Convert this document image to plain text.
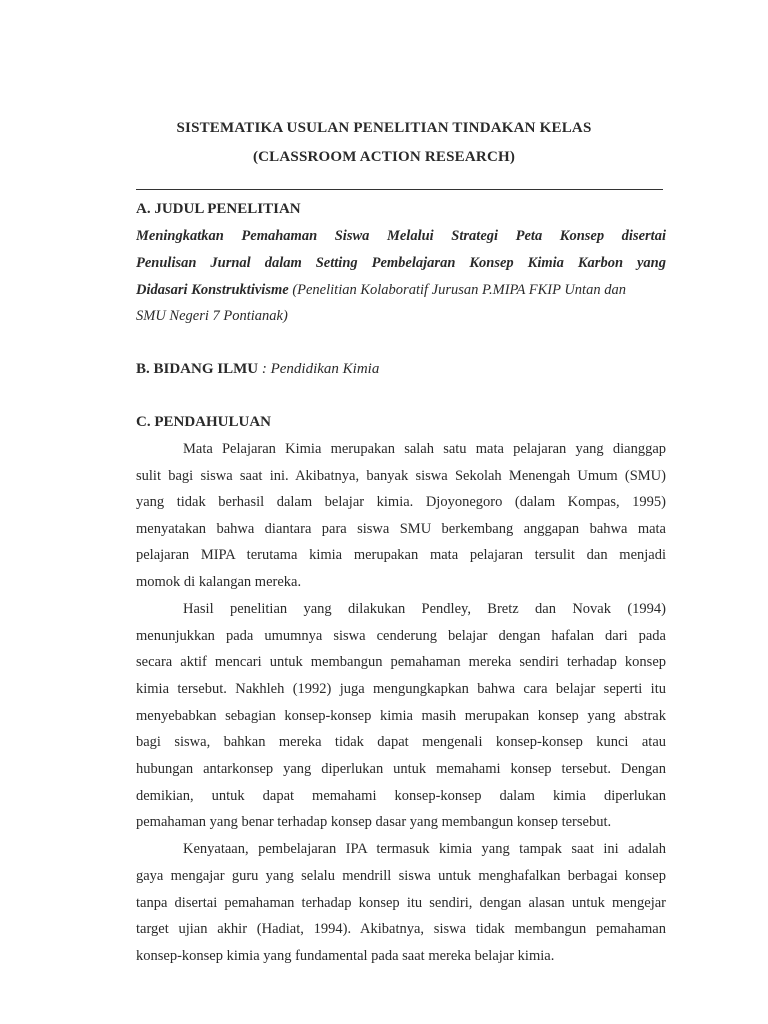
SISTEMATIKA USULAN PENELITIAN TINDAKAN KELAS
(CLASSROOM ACTION RESEARCH)
A. JUDUL PENELITIAN
Meningkatkan Pemahaman Siswa Melalui Strategi Peta Konsep disertai
Penulisan Jurnal dalam Setting Pembelajaran Konsep Kimia Karbon yang
Didasari Konstruktivisme (Penelitian Kolaboratif Jurusan P.MIPA FKIP Untan dan
SMU Negeri 7 Pontianak)
B. BIDANG ILMU : Pendidikan Kimia
C. PENDAHULUAN
Mata Pelajaran Kimia merupakan salah satu mata pelajaran yang dianggap
sulit bagi siswa saat ini. Akibatnya, banyak siswa Sekolah Menengah Umum (SMU)
yang tidak berhasil dalam belajar kimia. Djoyonegoro (dalam Kompas, 1995)
menyatakan bahwa diantara para siswa SMU berkembang anggapan bahwa mata
pelajaran MIPA terutama kimia merupakan mata pelajaran tersulit dan menjadi
momok di kalangan mereka.
Hasil penelitian yang dilakukan Pendley, Bretz dan Novak (1994)
menunjukkan pada umumnya siswa cenderung belajar dengan hafalan dari pada
secara aktif mencari untuk membangun pemahaman mereka sendiri terhadap konsep
kimia tersebut. Nakhleh (1992) juga mengungkapkan bahwa cara belajar seperti itu
menyebabkan sebagian konsep-konsep kimia masih merupakan konsep yang abstrak
bagi siswa, bahkan mereka tidak dapat mengenali konsep-konsep kunci atau
hubungan antarkonsep yang diperlukan untuk memahami konsep tersebut. Dengan
demikian, untuk dapat memahami konsep-konsep dalam kimia diperlukan
pemahaman yang benar terhadap konsep dasar yang membangun konsep tersebut.
Kenyataan, pembelajaran IPA termasuk kimia yang tampak saat ini adalah
gaya mengajar guru yang selalu mendrill siswa untuk menghafalkan berbagai konsep
tanpa disertai pemahaman terhadap konsep itu sendiri, dengan alasan untuk mengejar
target ujian akhir (Hadiat, 1994). Akibatnya, siswa tidak membangun pemahaman
konsep-konsep kimia yang fundamental pada saat mereka belajar kimia.
